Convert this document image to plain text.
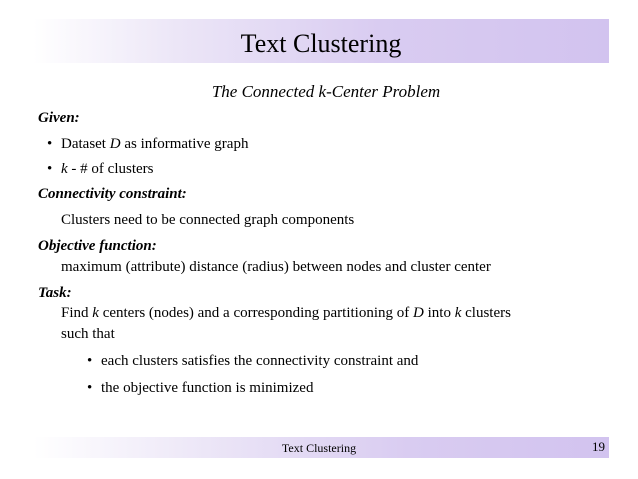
Text Clustering
The Connected k-Center Problem
Given:
• Dataset D as informative graph
• k - # of clusters
Connectivity constraint:
Clusters need to be connected graph components
Objective function:
maximum (attribute) distance (radius) between nodes and cluster center
Task:
Find k centers (nodes) and a corresponding partitioning of D into k clusters
such that
• each clusters satisfies the connectivity constraint and
• the objective function is minimized
Text Clustering	19
